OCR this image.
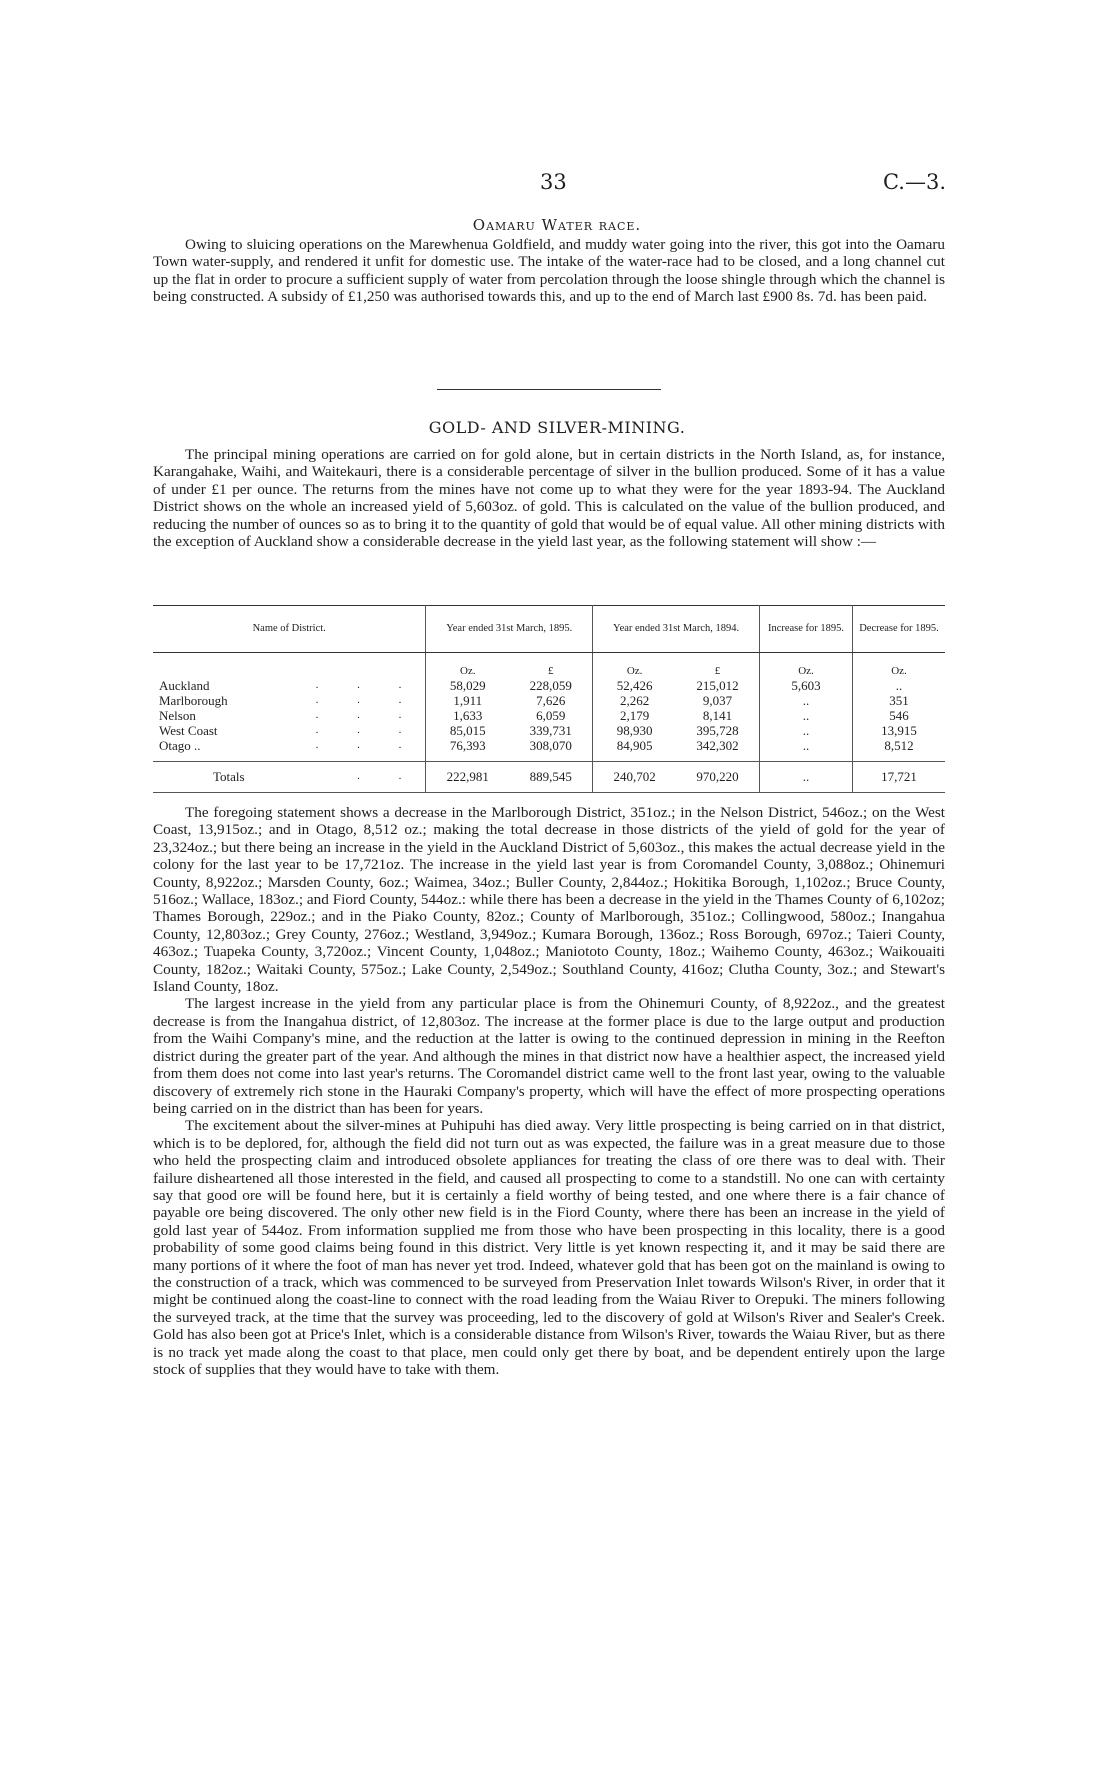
33	C.—3.
Oamaru Water race.

Owing to sluicing operations on the Marewhenua Goldfield, and muddy water going into the river, this got into the Oamaru Town water-supply, and rendered it unfit for domestic use. The intake of the water-race had to be closed, and a long channel cut up the flat in order to procure a sufficient supply of water from percolation through the loose shingle through which the channel is being constructed. A subsidy of £1,250 was authorised towards this, and up to the end of March last £900 8s. 7d. has been paid.

GOLD- AND SILVER-MINING.

The principal mining operations are carried on for gold alone, but in certain districts in the North Island, as, for instance, Karangahake, Waihi, and Waitekauri, there is a considerable percentage of silver in the bullion produced. Some of it has a value of under £1 per ounce. The returns from the mines have not come up to what they were for the year 1893-94. The Auckland District shows on the whole an increased yield of 5,603oz. of gold. This is calculated on the value of the bullion produced, and reducing the number of ounces so as to bring it to the quantity of gold that would be of equal value. All other mining districts with the exception of Auckland show a considerable decrease in the yield last year, as the following statement will show :—

Name of District.		Year ended 31st March, 1895.		Year ended 31st March, 1894.		Increase for 1895.	Decrease for 1895.
		Oz.	£	Oz.	£	Oz.	Oz.
Auckland	. . .	58,029	228,059	52,426	215,012	5,603	..
Marlborough	. . .	1,911	7,626	2,262	9,037	..	351
Nelson	. . .	1,633	6,059	2,179	8,141	..	546
West Coast	. . .	85,015	339,731	98,930	395,728	..	13,915
Otago ..	. . .	76,393	308,070	84,905	342,302	..	8,512

Totals	. .	222,981	889,545	240,702	970,220	..	17,721

The foregoing statement shows a decrease in the Marlborough District, 351oz.; in the Nelson District, 546oz.; on the West Coast, 13,915oz.; and in Otago, 8,512 oz.; making the total decrease in those districts of the yield of gold for the year of 23,324oz.; but there being an increase in the yield in the Auckland District of 5,603oz., this makes the actual decrease yield in the colony for the last year to be 17,721oz. The increase in the yield last year is from Coromandel County, 3,088oz.; Ohinemuri County, 8,922oz.; Marsden County, 6oz.; Waimea, 34oz.; Buller County, 2,844oz.; Hokitika Borough, 1,102oz.; Bruce County, 516oz.; Wallace, 183oz.; and Fiord County, 544oz.: while there has been a decrease in the yield in the Thames County of 6,102oz; Thames Borough, 229oz.; and in the Piako County, 82oz.; County of Marlborough, 351oz.; Collingwood, 580oz.; Inangahua County, 12,803oz.; Grey County, 276oz.; Westland, 3,949oz.; Kumara Borough, 136oz.; Ross Borough, 697oz.; Taieri County, 463oz.; Tuapeka County, 3,720oz.; Vincent County, 1,048oz.; Maniototo County, 18oz.; Waihemo County, 463oz.; Waikouaiti County, 182oz.; Waitaki County, 575oz.; Lake County, 2,549oz.; Southland County, 416oz; Clutha County, 3oz.; and Stewart's Island County, 18oz.

The largest increase in the yield from any particular place is from the Ohinemuri County, of 8,922oz., and the greatest decrease is from the Inangahua district, of 12,803oz. The increase at the former place is due to the large output and production from the Waihi Company's mine, and the reduction at the latter is owing to the continued depression in mining in the Reefton district during the greater part of the year. And although the mines in that district now have a healthier aspect, the increased yield from them does not come into last year's returns. The Coromandel district came well to the front last year, owing to the valuable discovery of extremely rich stone in the Hauraki Company's property, which will have the effect of more prospecting operations being carried on in the district than has been for years.

The excitement about the silver-mines at Puhipuhi has died away. Very little prospecting is being carried on in that district, which is to be deplored, for, although the field did not turn out as was expected, the failure was in a great measure due to those who held the prospecting claim and introduced obsolete appliances for treating the class of ore there was to deal with. Their failure disheartened all those interested in the field, and caused all prospecting to come to a standstill. No one can with certainty say that good ore will be found here, but it is certainly a field worthy of being tested, and one where there is a fair chance of payable ore being discovered. The only other new field is in the Fiord County, where there has been an increase in the yield of gold last year of 544oz. From information supplied me from those who have been prospecting in this locality, there is a good probability of some good claims being found in this district. Very little is yet known respecting it, and it may be said there are many portions of it where the foot of man has never yet trod. Indeed, whatever gold that has been got on the mainland is owing to the construction of a track, which was commenced to be surveyed from Preservation Inlet towards Wilson's River, in order that it might be continued along the coast-line to connect with the road leading from the Waiau River to Orepuki. The miners following the surveyed track, at the time that the survey was proceeding, led to the discovery of gold at Wilson's River and Sealer's Creek. Gold has also been got at Price's Inlet, which is a considerable distance from Wilson's River, towards the Waiau River, but as there is no track yet made along the coast to that place, men could only get there by boat, and be dependent entirely upon the large stock of supplies that they would have to take with them.
